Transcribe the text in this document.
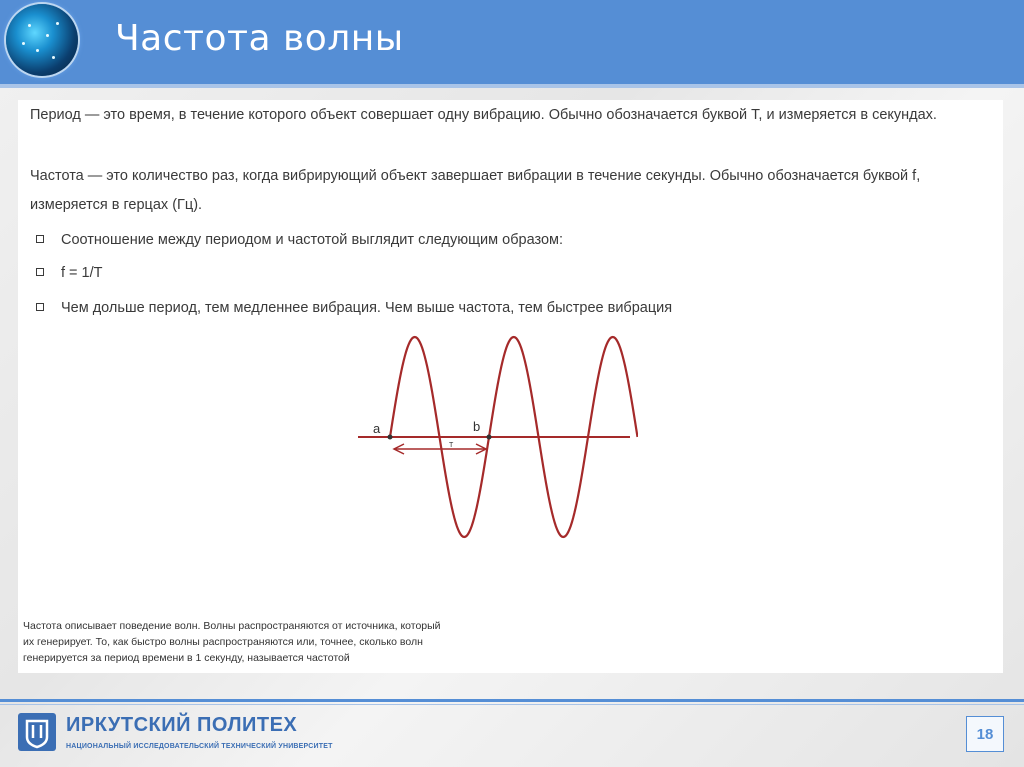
Частота волны
Период — это время, в течение которого объект совершает одну вибрацию. Обычно обозначается буквой T, и измеряется в секундах.
Частота — это количество раз, когда вибрирующий объект завершает вибрации в течение секунды. Обычно обозначается буквой f, измеряется в герцах (Гц).
Соотношение между периодом и частотой выглядит следующим образом:
f = 1/T
Чем дольше период, тем медленнее вибрация. Чем выше частота, тем быстрее вибрация
a	b
T
Частота описывает поведение волн. Волны распространяются от источника, который их генерирует. То, как быстро волны распространяются или, точнее, сколько волн генерируется за период времени в 1 секунду, называется частотой
ИРКУТСКИЙ ПОЛИТЕХ
НАЦИОНАЛЬНЫЙ ИССЛЕДОВАТЕЛЬСКИЙ ТЕХНИЧЕСКИЙ УНИВЕРСИТЕТ
18
